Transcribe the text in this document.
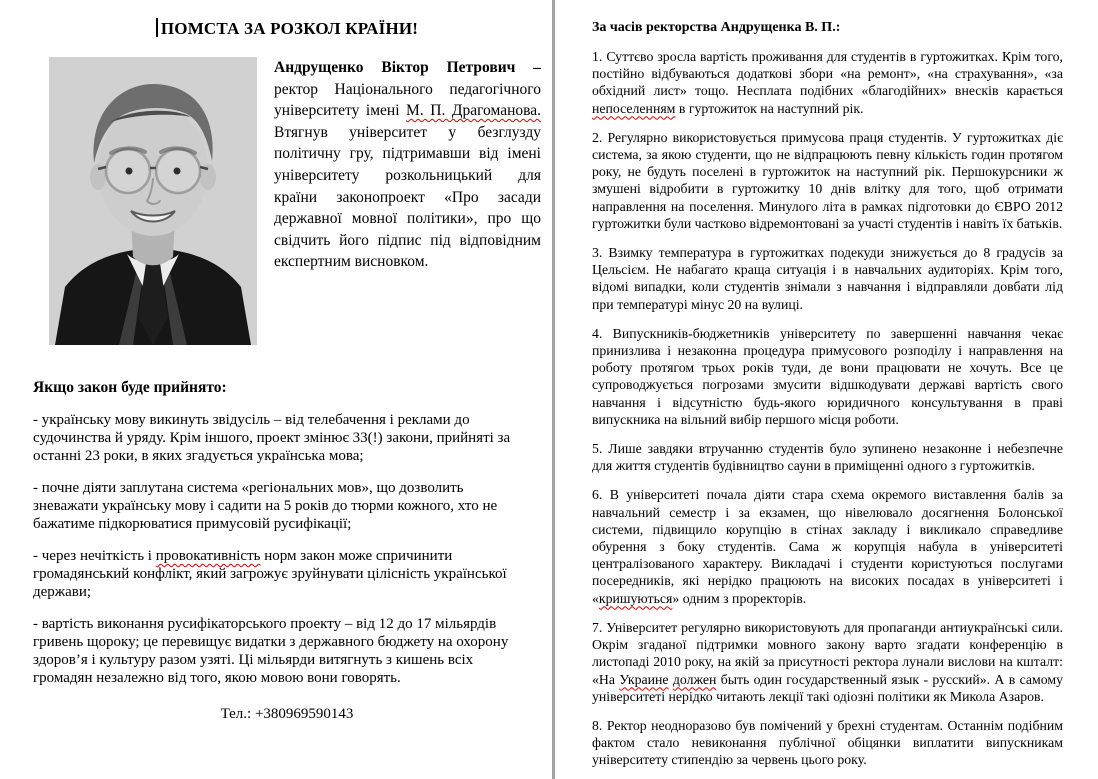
ПОМСТА ЗА РОЗКОЛ КРАЇНИ!
Андрущенко Віктор Петрович – ректор Національного педагогічного університету імені М. П. Драгоманова. Втягнув університет у безглузду політичну гру, підтримавши від імені університету розкольницький для країни законопроект «Про засади державної мовної політики», про що свідчить його підпис під відповідним експертним висновком.
Якщо закон буде прийнято:
- українську мову викинуть звідусіль – від телебачення і реклами до судочинства й уряду. Крім іншого, проект змінює 33(!) закони, прийняті за останні 23 роки, в яких згадується українська мова;
- почне діяти заплутана система «регіональних мов», що дозволить зневажати українську мову і садити на 5 років до тюрми кожного, хто не бажатиме підкорюватися примусовій русифікації;
- через нечіткість і провокативність норм закон може спричинити громадянський конфлікт, який загрожує зруйнувати цілісність української держави;
- вартість виконання русифікаторського проекту – від 12 до 17 мільярдів гривень щороку; це перевищує видатки з державного бюджету на охорону здоров’я і культуру разом узяті. Ці мільярди витягнуть з кишень всіх громадян незалежно від того, якою мовою вони говорять.
Тел.: +380969590143
За часів ректорства Андрущенка В. П.:
1. Суттєво зросла вартість проживання для студентів в гуртожитках. Крім того, постійно відбуваються додаткові збори «на ремонт», «на страхування», «за обхідний лист» тощо. Несплата подібних «благодійних» внесків карається непоселенням в гуртожиток на наступний рік.
2. Регулярно використовується примусова праця студентів. У гуртожитках діє система, за якою студенти, що не відпрацюють певну кількість годин протягом року, не будуть поселені в гуртожиток на наступний рік. Першокурсники ж змушені відробити в гуртожитку 10 днів влітку для того, щоб отримати направлення на поселення. Минулого літа в рамках підготовки до ЄВРО 2012 гуртожитки були частково відремонтовані за участі студентів і навіть їх батьків.
3. Взимку температура в гуртожитках подекуди знижується до 8 градусів за Цельсієм. Не набагато краща ситуація і в навчальних аудиторіях. Крім того, відомі випадки, коли студентів знімали з навчання і відправляли довбати лід при температурі мінус 20 на вулиці.
4. Випускників-бюджетників університету по завершенні навчання чекає принизлива і незаконна процедура примусового розподілу і направлення на роботу протягом трьох років туди, де вони працювати не хочуть. Все це супроводжується погрозами змусити відшкодувати державі вартість свого навчання і відсутністю будь-якого юридичного консультування в праві випускника на вільний вибір першого місця роботи.
5. Лише завдяки втручанню студентів було зупинено незаконне і небезпечне для життя студентів будівництво сауни в приміщенні одного з гуртожитків.
6. В університеті почала діяти стара схема окремого виставлення балів за навчальний семестр і за екзамен, що нівелювало досягнення Болонської системи, підвищило корупцію в стінах закладу і викликало справедливе обурення з боку студентів. Сама ж корупція набула в університеті централізованого характеру. Викладачі і студенти користуються послугами посередників, які нерідко працюють на високих посадах в університеті і «кришуються» одним з проректорів.
7. Університет регулярно використовують для пропаганди антиукраїнські сили. Окрім згаданої підтримки мовного закону варто згадати конференцію в листопаді 2010 року, на якій за присутності ректора лунали вислови на кшталт: «На Украине должен быть один государственный язык - русский». А в самому університеті нерідко читають лекції такі одіозні політики як Микола Азаров.
8. Ректор неодноразово був помічений у брехні студентам. Останнім подібним фактом стало невиконання публічної обіцянки виплатити випускникам університету стипендію за червень цього року.
